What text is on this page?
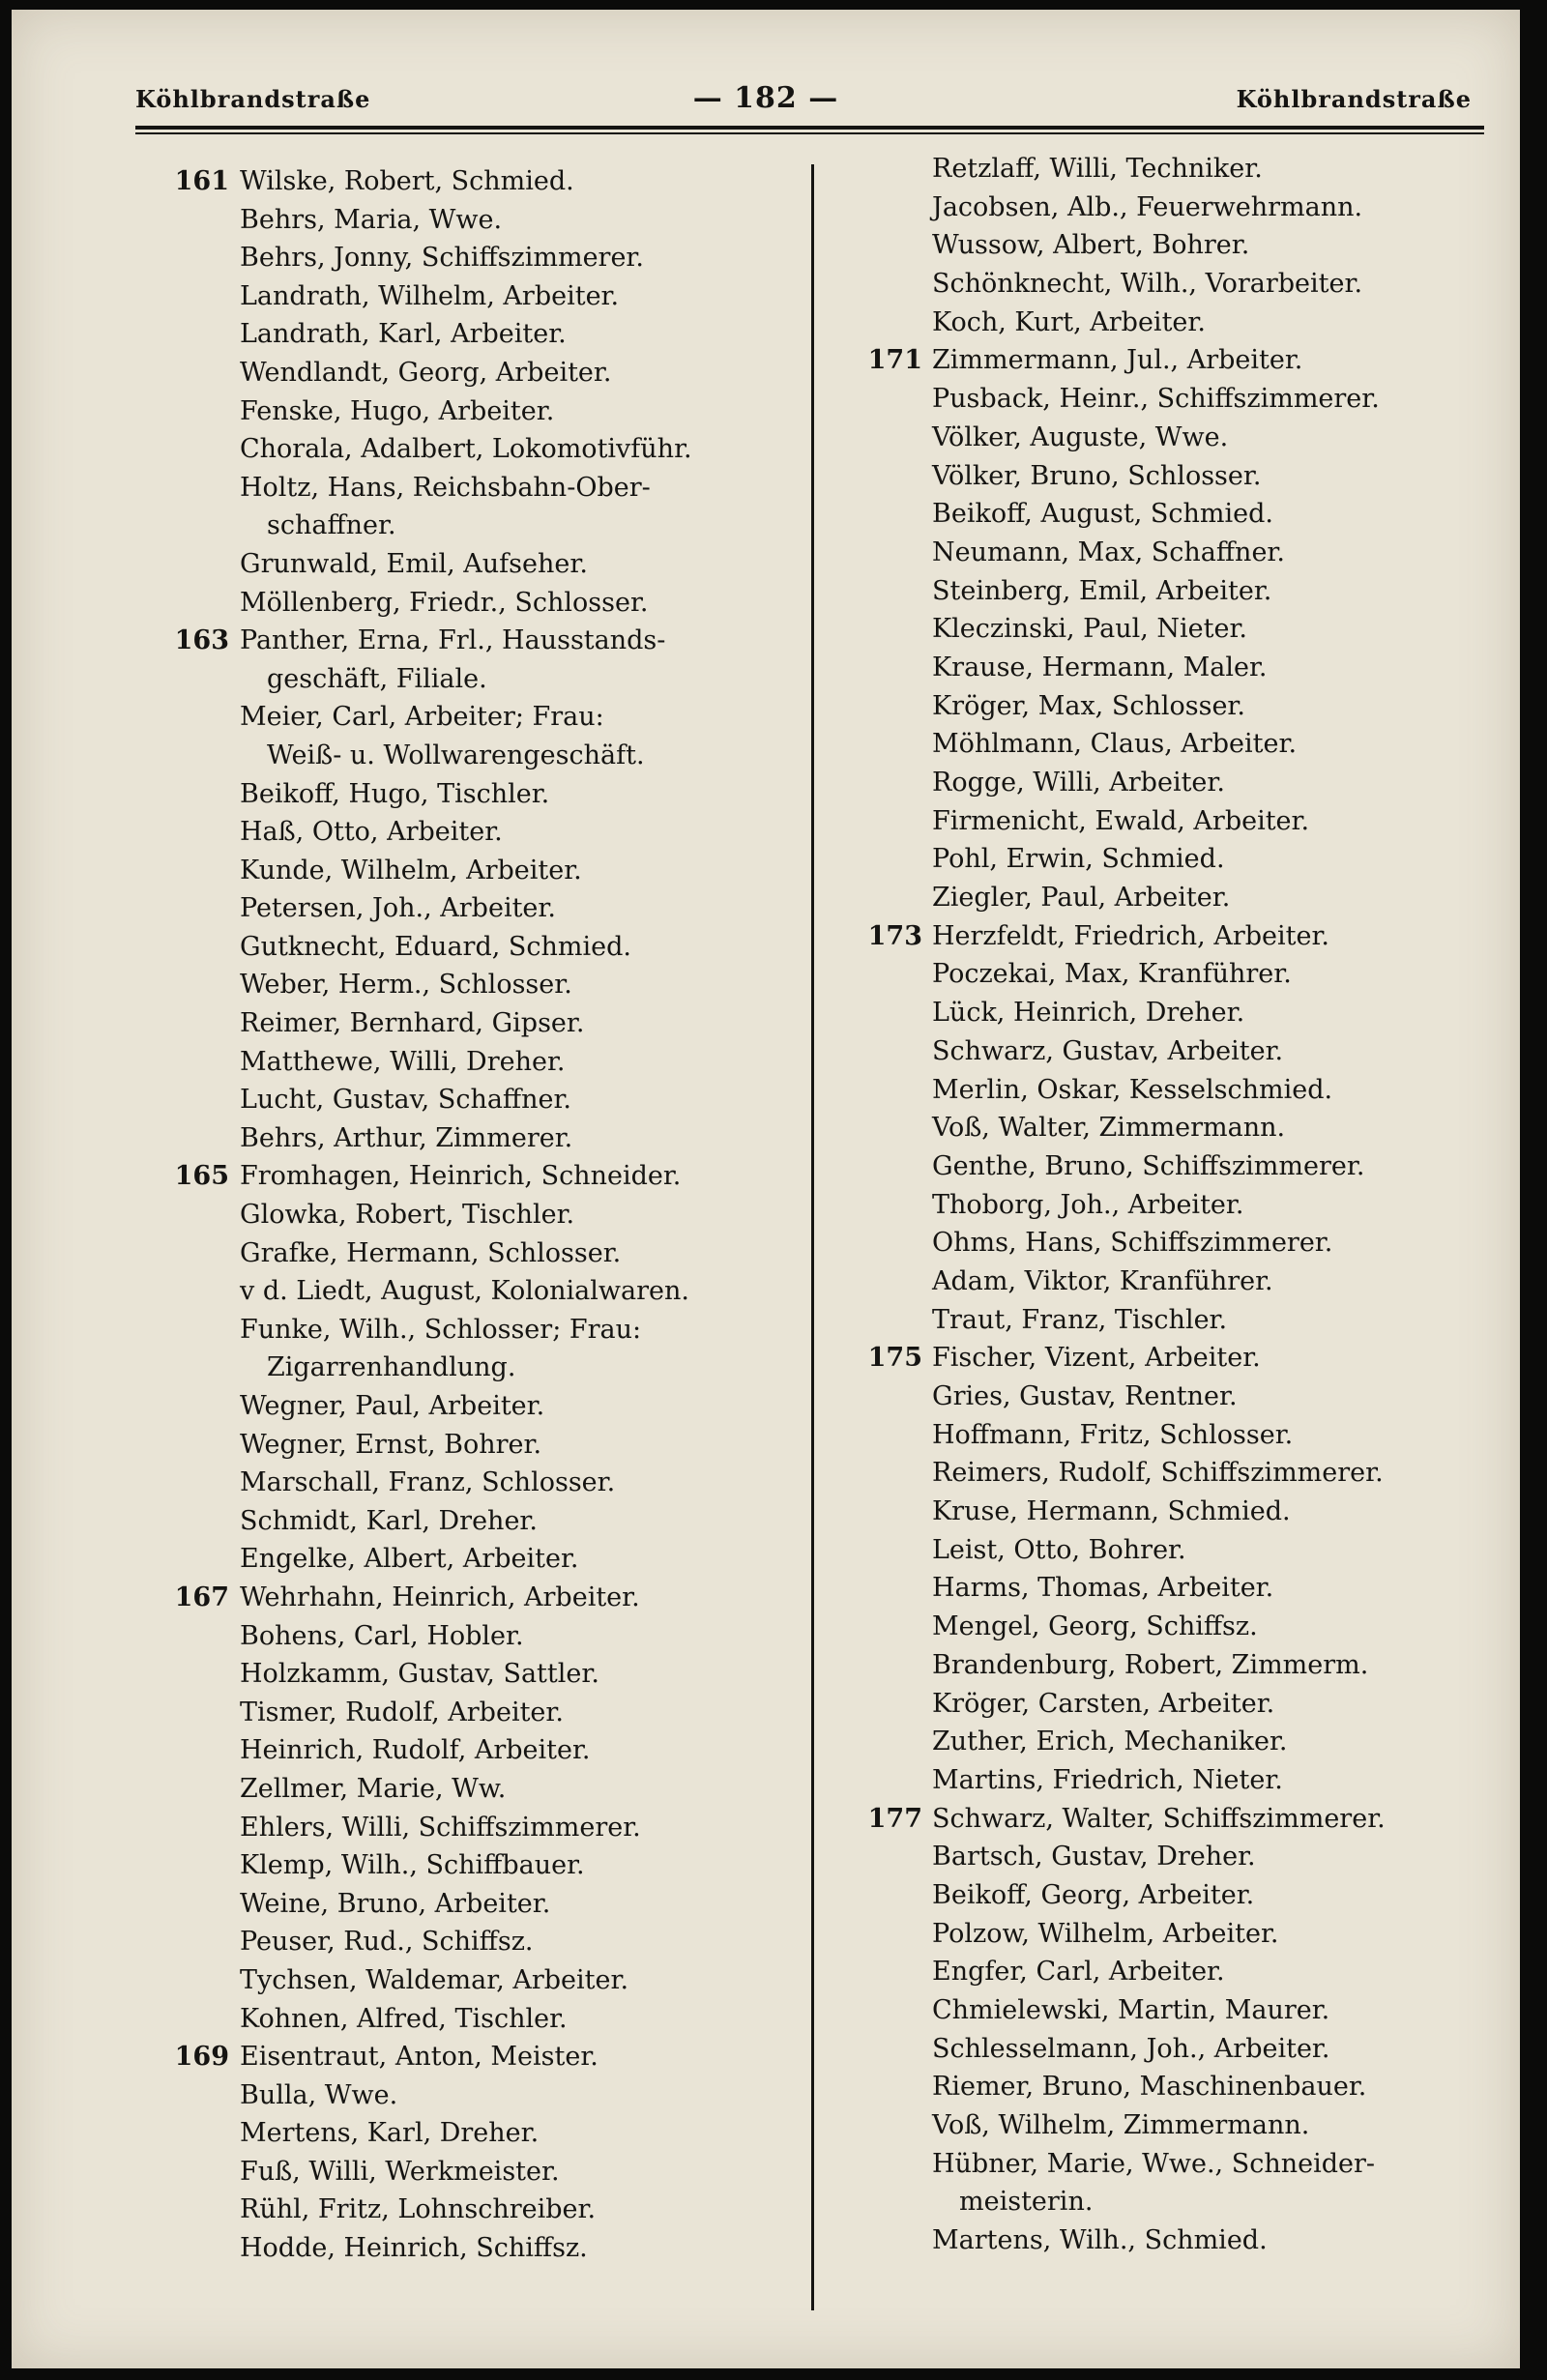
Köhlbrandstraße	— 182 —	Köhlbrandstraße
161 Wilske, Robert, Schmied.
Behrs, Maria, Wwe.
Behrs, Jonny, Schiffszimmerer.
Landrath, Wilhelm, Arbeiter.
Landrath, Karl, Arbeiter.
Wendlandt, Georg, Arbeiter.
Fenske, Hugo, Arbeiter.
Chorala, Adalbert, Lokomotivführ.
Holtz, Hans, Reichsbahn-Ober-
schaffner.
Grunwald, Emil, Aufseher.
Möllenberg, Friedr., Schlosser.
163 Panther, Erna, Frl., Hausstands-
geschäft, Filiale.
Meier, Carl, Arbeiter; Frau:
Weiß- u. Wollwarengeschäft.
Beikoff, Hugo, Tischler.
Haß, Otto, Arbeiter.
Kunde, Wilhelm, Arbeiter.
Petersen, Joh., Arbeiter.
Gutknecht, Eduard, Schmied.
Weber, Herm., Schlosser.
Reimer, Bernhard, Gipser.
Matthewe, Willi, Dreher.
Lucht, Gustav, Schaffner.
Behrs, Arthur, Zimmerer.
165 Fromhagen, Heinrich, Schneider.
Glowka, Robert, Tischler.
Grafke, Hermann, Schlosser.
v d. Liedt, August, Kolonialwaren.
Funke, Wilh., Schlosser; Frau:
Zigarrenhandlung.
Wegner, Paul, Arbeiter.
Wegner, Ernst, Bohrer.
Marschall, Franz, Schlosser.
Schmidt, Karl, Dreher.
Engelke, Albert, Arbeiter.
167 Wehrhahn, Heinrich, Arbeiter.
Bohens, Carl, Hobler.
Holzkamm, Gustav, Sattler.
Tismer, Rudolf, Arbeiter.
Heinrich, Rudolf, Arbeiter.
Zellmer, Marie, Ww.
Ehlers, Willi, Schiffszimmerer.
Klemp, Wilh., Schiffbauer.
Weine, Bruno, Arbeiter.
Peuser, Rud., Schiffsz.
Tychsen, Waldemar, Arbeiter.
Kohnen, Alfred, Tischler.
169 Eisentraut, Anton, Meister.
Bulla, Wwe.
Mertens, Karl, Dreher.
Fuß, Willi, Werkmeister.
Rühl, Fritz, Lohnschreiber.
Hodde, Heinrich, Schiffsz.
Retzlaff, Willi, Techniker.
Jacobsen, Alb., Feuerwehrmann.
Wussow, Albert, Bohrer.
Schönknecht, Wilh., Vorarbeiter.
Koch, Kurt, Arbeiter.
171 Zimmermann, Jul., Arbeiter.
Pusback, Heinr., Schiffszimmerer.
Völker, Auguste, Wwe.
Völker, Bruno, Schlosser.
Beikoff, August, Schmied.
Neumann, Max, Schaffner.
Steinberg, Emil, Arbeiter.
Kleczinski, Paul, Nieter.
Krause, Hermann, Maler.
Kröger, Max, Schlosser.
Möhlmann, Claus, Arbeiter.
Rogge, Willi, Arbeiter.
Firmenicht, Ewald, Arbeiter.
Pohl, Erwin, Schmied.
Ziegler, Paul, Arbeiter.
173 Herzfeldt, Friedrich, Arbeiter.
Poczekai, Max, Kranführer.
Lück, Heinrich, Dreher.
Schwarz, Gustav, Arbeiter.
Merlin, Oskar, Kesselschmied.
Voß, Walter, Zimmermann.
Genthe, Bruno, Schiffszimmerer.
Thoborg, Joh., Arbeiter.
Ohms, Hans, Schiffszimmerer.
Adam, Viktor, Kranführer.
Traut, Franz, Tischler.
175 Fischer, Vizent, Arbeiter.
Gries, Gustav, Rentner.
Hoffmann, Fritz, Schlosser.
Reimers, Rudolf, Schiffszimmerer.
Kruse, Hermann, Schmied.
Leist, Otto, Bohrer.
Harms, Thomas, Arbeiter.
Mengel, Georg, Schiffsz.
Brandenburg, Robert, Zimmerm.
Kröger, Carsten, Arbeiter.
Zuther, Erich, Mechaniker.
Martins, Friedrich, Nieter.
177 Schwarz, Walter, Schiffszimmerer.
Bartsch, Gustav, Dreher.
Beikoff, Georg, Arbeiter.
Polzow, Wilhelm, Arbeiter.
Engfer, Carl, Arbeiter.
Chmielewski, Martin, Maurer.
Schlesselmann, Joh., Arbeiter.
Riemer, Bruno, Maschinenbauer.
Voß, Wilhelm, Zimmermann.
Hübner, Marie, Wwe., Schneider-
meisterin.
Martens, Wilh., Schmied.
